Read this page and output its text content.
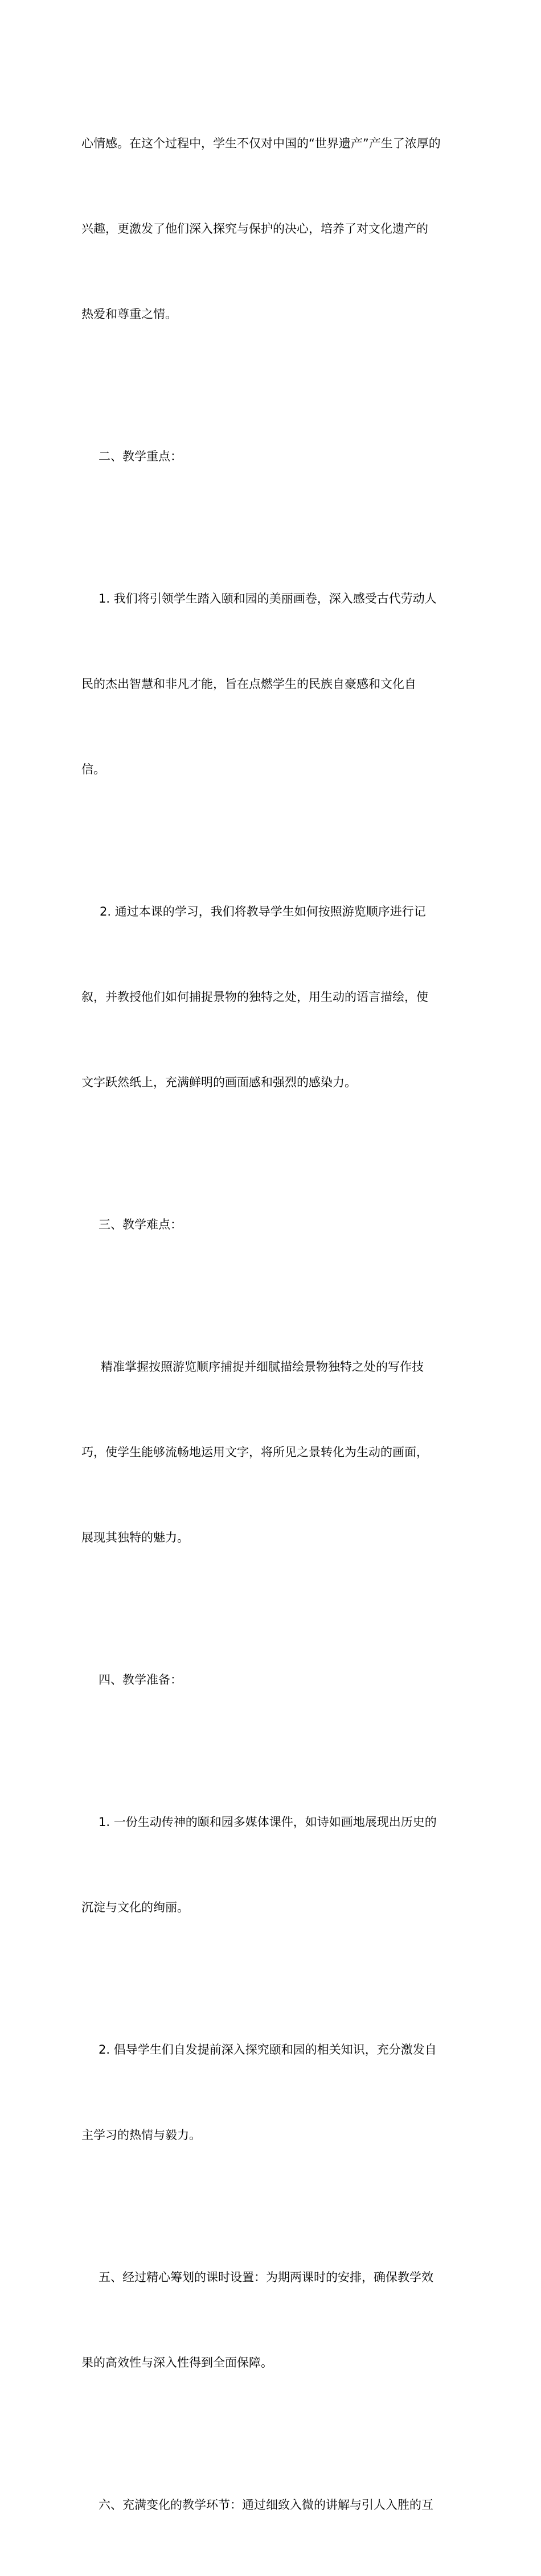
心情感。在这个过程中，学生不仅对中国的“世界遗产”产生了浓厚的

兴趣，更激发了他们深入探究与保护的决心，培养了对文化遗产的

热爱和尊重之情。

二、教学重点：

1. 我们将引领学生踏入颐和园的美丽画卷，深入感受古代劳动人

民的杰出智慧和非凡才能，旨在点燃学生的民族自豪感和文化自

信。

2. 通过本课的学习，我们将教导学生如何按照游览顺序进行记

叙，并教授他们如何捕捉景物的独特之处，用生动的语言描绘，使

文字跃然纸上，充满鲜明的画面感和强烈的感染力。

三、教学难点：

精准掌握按照游览顺序捕捉并细腻描绘景物独特之处的写作技

巧，使学生能够流畅地运用文字，将所见之景转化为生动的画面，

展现其独特的魅力。

四、教学准备：

1. 一份生动传神的颐和园多媒体课件，如诗如画地展现出历史的

沉淀与文化的绚丽。

2. 倡导学生们自发提前深入探究颐和园的相关知识，充分激发自

主学习的热情与毅力。

五、经过精心筹划的课时设置：为期两课时的安排，确保教学效

果的高效性与深入性得到全面保障。

六、充满变化的教学环节：通过细致入微的讲解与引人入胜的互
